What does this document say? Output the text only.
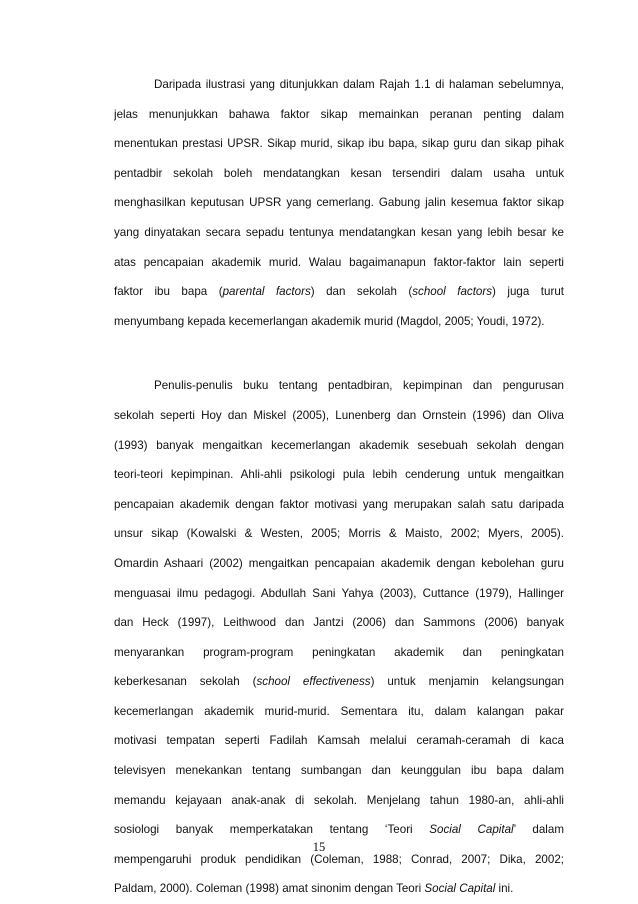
Daripada ilustrasi yang ditunjukkan dalam Rajah 1.1 di halaman sebelumnya,
jelas menunjukkan bahawa faktor sikap memainkan peranan penting dalam
menentukan prestasi UPSR. Sikap murid, sikap ibu bapa, sikap guru dan sikap pihak
pentadbir sekolah boleh mendatangkan kesan tersendiri dalam usaha untuk
menghasilkan keputusan UPSR yang cemerlang. Gabung jalin kesemua faktor sikap
yang dinyatakan secara sepadu tentunya mendatangkan kesan yang lebih besar ke
atas pencapaian akademik murid. Walau bagaimanapun faktor-faktor lain seperti
faktor ibu bapa (parental factors) dan sekolah (school factors) juga turut
menyumbang kepada kecemerlangan akademik murid (Magdol, 2005; Youdi, 1972).
Penulis-penulis buku tentang pentadbiran, kepimpinan dan pengurusan
sekolah seperti Hoy dan Miskel (2005), Lunenberg dan Ornstein (1996) dan Oliva
(1993) banyak mengaitkan kecemerlangan akademik sesebuah sekolah dengan
teori-teori kepimpinan. Ahli-ahli psikologi pula lebih cenderung untuk mengaitkan
pencapaian akademik dengan faktor motivasi yang merupakan salah satu daripada
unsur sikap (Kowalski & Westen, 2005; Morris & Maisto, 2002; Myers, 2005).
Omardin Ashaari (2002) mengaitkan pencapaian akademik dengan kebolehan guru
menguasai ilmu pedagogi. Abdullah Sani Yahya (2003), Cuttance (1979), Hallinger
dan Heck (1997), Leithwood dan Jantzi (2006) dan Sammons (2006) banyak
menyarankan program-program peningkatan akademik dan peningkatan
keberkesanan sekolah (school effectiveness) untuk menjamin kelangsungan
kecemerlangan akademik murid-murid. Sementara itu, dalam kalangan pakar
motivasi tempatan seperti Fadilah Kamsah melalui ceramah-ceramah di kaca
televisyen menekankan tentang sumbangan dan keunggulan ibu bapa dalam
memandu kejayaan anak-anak di sekolah. Menjelang tahun 1980-an, ahli-ahli
sosiologi banyak memperkatakan tentang ‘Teori Social Capital’ dalam
mempengaruhi produk pendidikan (Coleman, 1988; Conrad, 2007; Dika, 2002;
Paldam, 2000). Coleman (1998) amat sinonim dengan Teori Social Capital ini.
15
